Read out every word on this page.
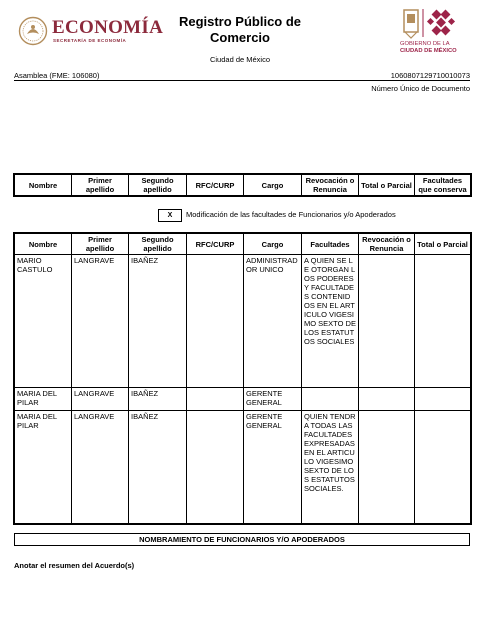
ECONOMÍA
SECRETARÍA DE ECONOMÍA
Registro Público de Comercio
Ciudad de México
GOBIERNO DE LA
CIUDAD DE MÉXICO
Asamblea (FME: 106080)	1060807129710010073
Número Único de Documento
Nombre	Primer apellido	Segundo apellido	RFC/CURP	Cargo	Revocación o Renuncia	Total o Parcial	Facultades que conserva
X	Modificación de las facultades de Funcionarios y/o Apoderados
Nombre	Primer apellido	Segundo apellido	RFC/CURP	Cargo	Facultades	Revocación o Renuncia	Total o Parcial
MARIO CASTULO	LANGRAVE	IBAÑEZ		ADMINISTRADOR UNICO	A QUIEN SE LE OTORGAN LOS PODERES Y FACULTADES CONTENIDOS EN EL ARTICULO VIGESIMO SEXTO DE LOS ESTATUTOS SOCIALES		
MARIA DEL PILAR	LANGRAVE	IBAÑEZ		GERENTE GENERAL			
MARIA DEL PILAR	LANGRAVE	IBAÑEZ		GERENTE GENERAL	QUIEN TENDRA TODAS LAS FACULTADES EXPRESADAS EN EL ARTICULO VIGESIMO SEXTO DE LOS ESTATUTOS SOCIALES.		
NOMBRAMIENTO DE FUNCIONARIOS Y/O APODERADOS
Anotar el resumen del Acuerdo(s)
